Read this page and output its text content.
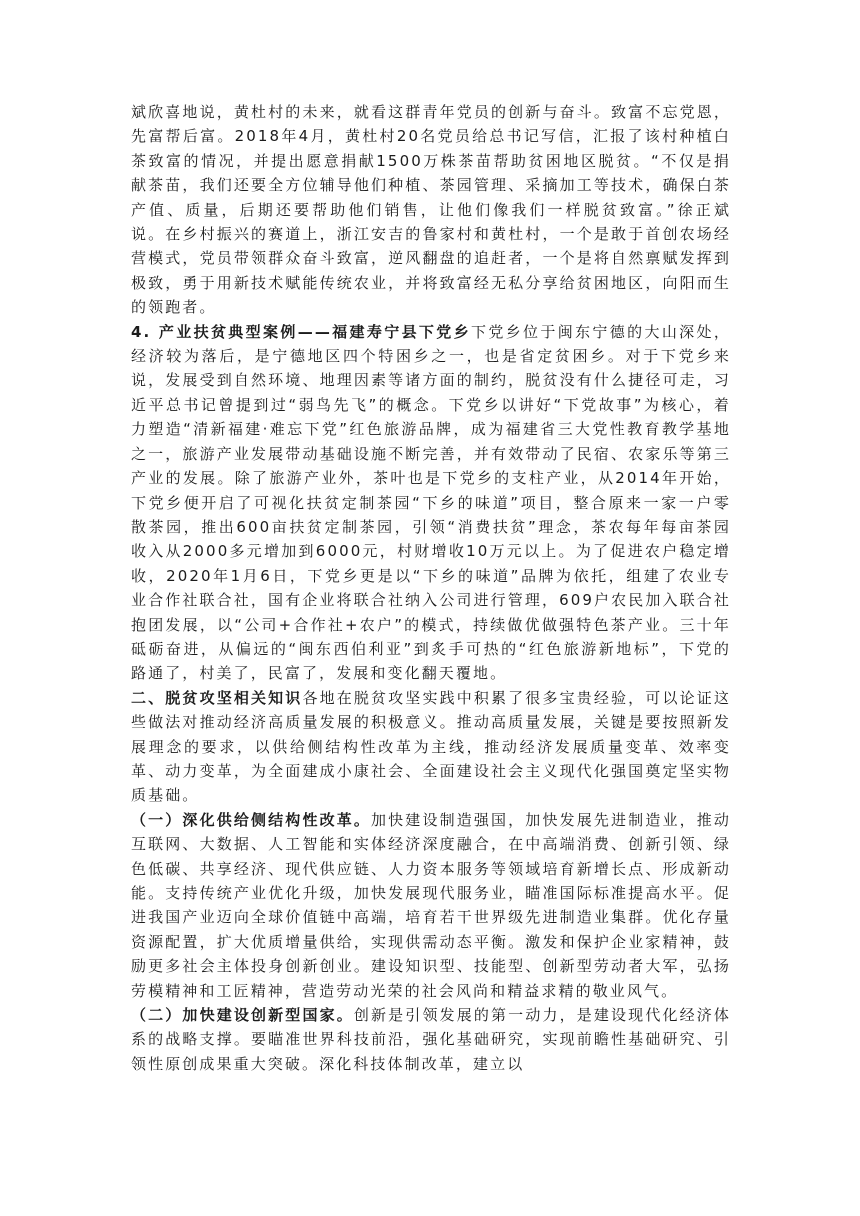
斌欣喜地说，黄杜村的未来，就看这群青年党员的创新与奋斗。致富不忘党恩，先富帮后富。2018年4月，黄杜村20名党员给总书记写信，汇报了该村种植白茶致富的情况，并提出愿意捐献1500万株茶苗帮助贫困地区脱贫。“不仅是捐献茶苗，我们还要全方位辅导他们种植、茶园管理、采摘加工等技术，确保白茶产值、质量，后期还要帮助他们销售，让他们像我们一样脱贫致富。”徐正斌说。在乡村振兴的赛道上，浙江安吉的鲁家村和黄杜村，一个是敢于首创农场经营模式，党员带领群众奋斗致富，逆风翻盘的追赶者，一个是将自然禀赋发挥到极致，勇于用新技术赋能传统农业，并将致富经无私分享给贫困地区，向阳而生的领跑者。

4. 产业扶贫典型案例——福建寿宁县下党乡下党乡位于闽东宁德的大山深处，经济较为落后，是宁德地区四个特困乡之一，也是省定贫困乡。对于下党乡来说，发展受到自然环境、地理因素等诸方面的制约，脱贫没有什么捷径可走，习近平总书记曾提到过“弱鸟先飞”的概念。下党乡以讲好“下党故事”为核心，着力塑造“清新福建·难忘下党”红色旅游品牌，成为福建省三大党性教育教学基地之一，旅游产业发展带动基础设施不断完善，并有效带动了民宿、农家乐等第三产业的发展。除了旅游产业外，茶叶也是下党乡的支柱产业，从2014年开始，下党乡便开启了可视化扶贫定制茶园“下乡的味道”项目，整合原来一家一户零散茶园，推出600亩扶贫定制茶园，引领“消费扶贫”理念，茶农每年每亩茶园收入从2000多元增加到6000元，村财增收10万元以上。为了促进农户稳定增收，2020年1月6日，下党乡更是以“下乡的味道”品牌为依托，组建了农业专业合作社联合社，国有企业将联合社纳入公司进行管理，609户农民加入联合社抱团发展，以“公司+合作社+农户”的模式，持续做优做强特色茶产业。三十年砥砺奋进，从偏远的“闽东西伯利亚”到炙手可热的“红色旅游新地标”，下党的路通了，村美了，民富了，发展和变化翻天覆地。

二、脱贫攻坚相关知识各地在脱贫攻坚实践中积累了很多宝贵经验，可以论证这些做法对推动经济高质量发展的积极意义。推动高质量发展，关键是要按照新发展理念的要求，以供给侧结构性改革为主线，推动经济发展质量变革、效率变革、动力变革，为全面建成小康社会、全面建设社会主义现代化强国奠定坚实物质基础。

（一）深化供给侧结构性改革。加快建设制造强国，加快发展先进制造业，推动互联网、大数据、人工智能和实体经济深度融合，在中高端消费、创新引领、绿色低碳、共享经济、现代供应链、人力资本服务等领域培育新增长点、形成新动能。支持传统产业优化升级，加快发展现代服务业，瞄准国际标准提高水平。促进我国产业迈向全球价值链中高端，培育若干世界级先进制造业集群。优化存量资源配置，扩大优质增量供给，实现供需动态平衡。激发和保护企业家精神，鼓励更多社会主体投身创新创业。建设知识型、技能型、创新型劳动者大军，弘扬劳模精神和工匠精神，营造劳动光荣的社会风尚和精益求精的敬业风气。

（二）加快建设创新型国家。创新是引领发展的第一动力，是建设现代化经济体系的战略支撑。要瞄准世界科技前沿，强化基础研究，实现前瞻性基础研究、引领性原创成果重大突破。深化科技体制改革，建立以
